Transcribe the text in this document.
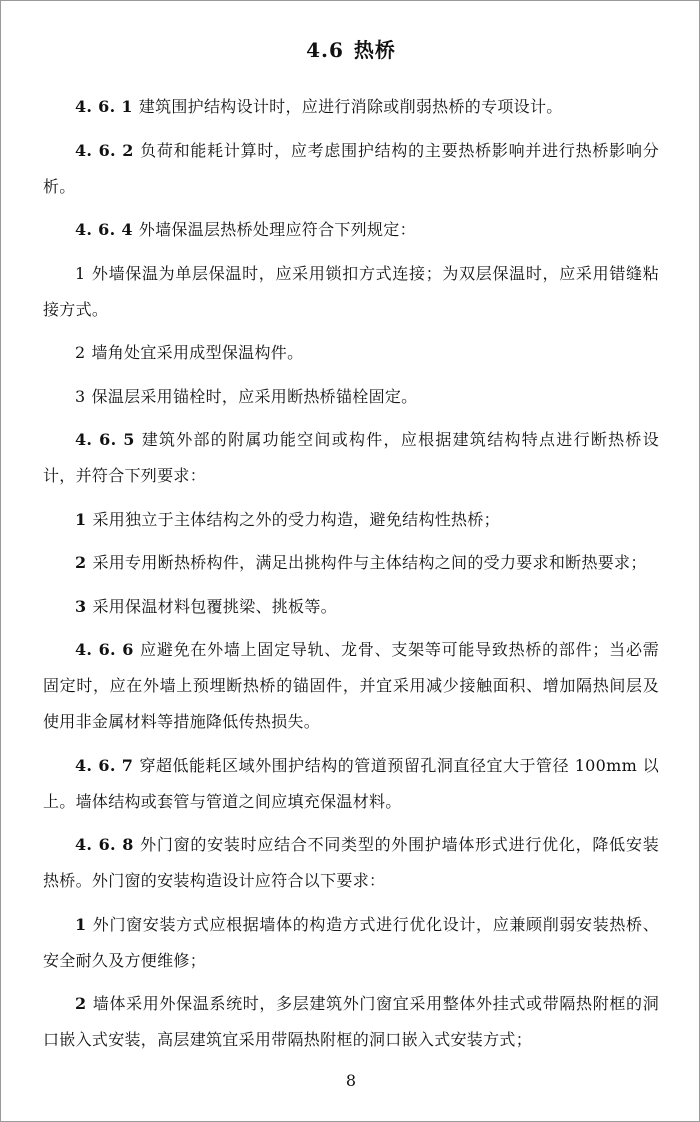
4.6 热桥

4. 6. 1 建筑围护结构设计时，应进行消除或削弱热桥的专项设计。

4. 6. 2 负荷和能耗计算时，应考虑围护结构的主要热桥影响并进行热桥影响分析。

4. 6. 4 外墙保温层热桥处理应符合下列规定：

1 外墙保温为单层保温时，应采用锁扣方式连接；为双层保温时，应采用错缝粘接方式。

2 墙角处宜采用成型保温构件。

3 保温层采用锚栓时，应采用断热桥锚栓固定。

4. 6. 5 建筑外部的附属功能空间或构件，应根据建筑结构特点进行断热桥设计，并符合下列要求：

1 采用独立于主体结构之外的受力构造，避免结构性热桥；

2 采用专用断热桥构件，满足出挑构件与主体结构之间的受力要求和断热要求；

3 采用保温材料包覆挑梁、挑板等。

4. 6. 6 应避免在外墙上固定导轨、龙骨、支架等可能导致热桥的部件；当必需固定时，应在外墙上预埋断热桥的锚固件，并宜采用减少接触面积、增加隔热间层及使用非金属材料等措施降低传热损失。

4. 6. 7 穿超低能耗区域外围护结构的管道预留孔洞直径宜大于管径 100mm 以上。墙体结构或套管与管道之间应填充保温材料。

4. 6. 8 外门窗的安装时应结合不同类型的外围护墙体形式进行优化，降低安装热桥。外门窗的安装构造设计应符合以下要求：

1 外门窗安装方式应根据墙体的构造方式进行优化设计，应兼顾削弱安装热桥、安全耐久及方便维修；

2 墙体采用外保温系统时，多层建筑外门窗宜采用整体外挂式或带隔热附框的洞口嵌入式安装，高层建筑宜采用带隔热附框的洞口嵌入式安装方式；

8
